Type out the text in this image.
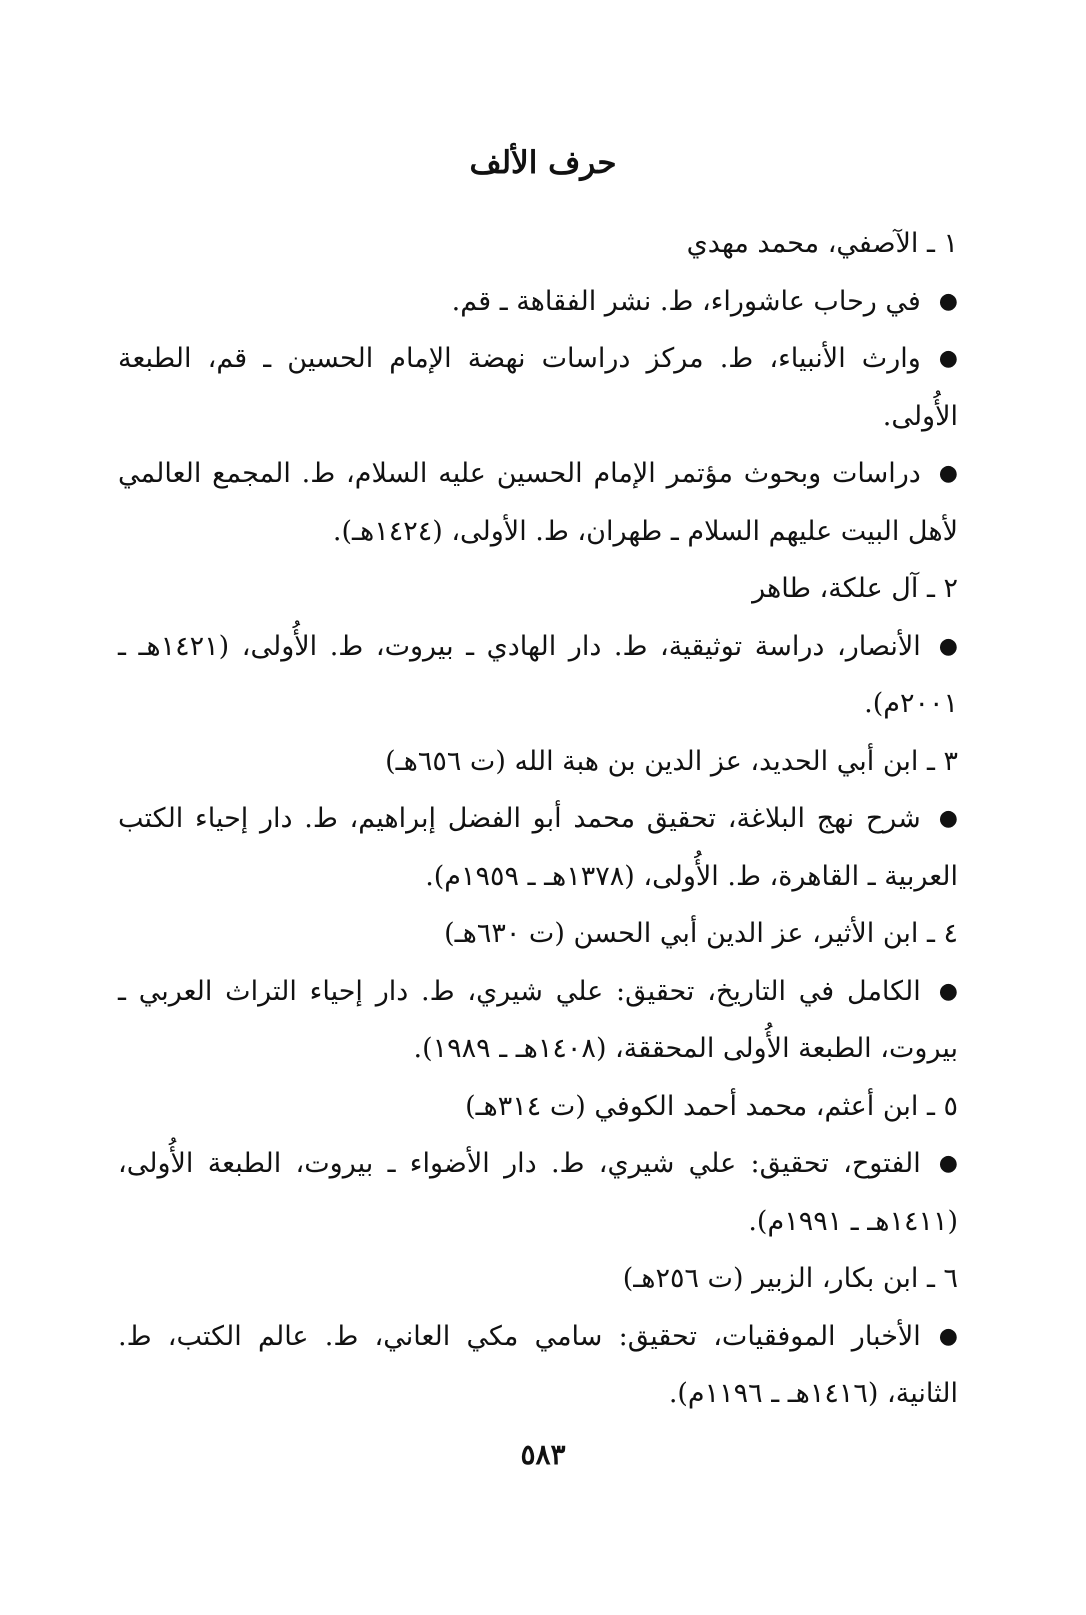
حرف الألف

١ ـ الآصفي، محمد مهدي

●في رحاب عاشوراء، ط. نشر الفقاهة ـ قم.

●وارث الأنبياء، ط. مركز دراسات نهضة الإمام الحسين ـ قم، الطبعة الأُولى.

●دراسات وبحوث مؤتمر الإمام الحسين عليه السلام، ط. المجمع العالمي لأهل البيت عليهم السلام ـ طهران، ط. الأولى، (١٤٢٤هـ).

٢ ـ آل علكة، طاهر

●الأنصار، دراسة توثيقية، ط. دار الهادي ـ بيروت، ط. الأُولى، (١٤٢١هـ ـ ٢٠٠١م).

٣ ـ ابن أبي الحديد، عز الدين بن هبة الله (ت ٦٥٦هـ)

●شرح نهج البلاغة، تحقيق محمد أبو الفضل إبراهيم، ط. دار إحياء الكتب العربية ـ القاهرة، ط. الأُولى، (١٣٧٨هـ ـ ١٩٥٩م).

٤ ـ ابن الأثير، عز الدين أبي الحسن (ت ٦٣٠هـ)

●الكامل في التاريخ، تحقيق: علي شيري، ط. دار إحياء التراث العربي ـ بيروت، الطبعة الأُولى المحققة، (١٤٠٨هـ ـ ١٩٨٩).

٥ ـ ابن أعثم، محمد أحمد الكوفي (ت ٣١٤هـ)

●الفتوح، تحقيق: علي شيري، ط. دار الأضواء ـ بيروت، الطبعة الأُولى، (١٤١١هـ ـ ١٩٩١م).

٦ ـ ابن بكار، الزبير (ت ٢٥٦هـ)

●الأخبار الموفقيات، تحقيق: سامي مكي العاني، ط. عالم الكتب، ط. الثانية، (١٤١٦هـ ـ ١١٩٦م).

٥٨٣
